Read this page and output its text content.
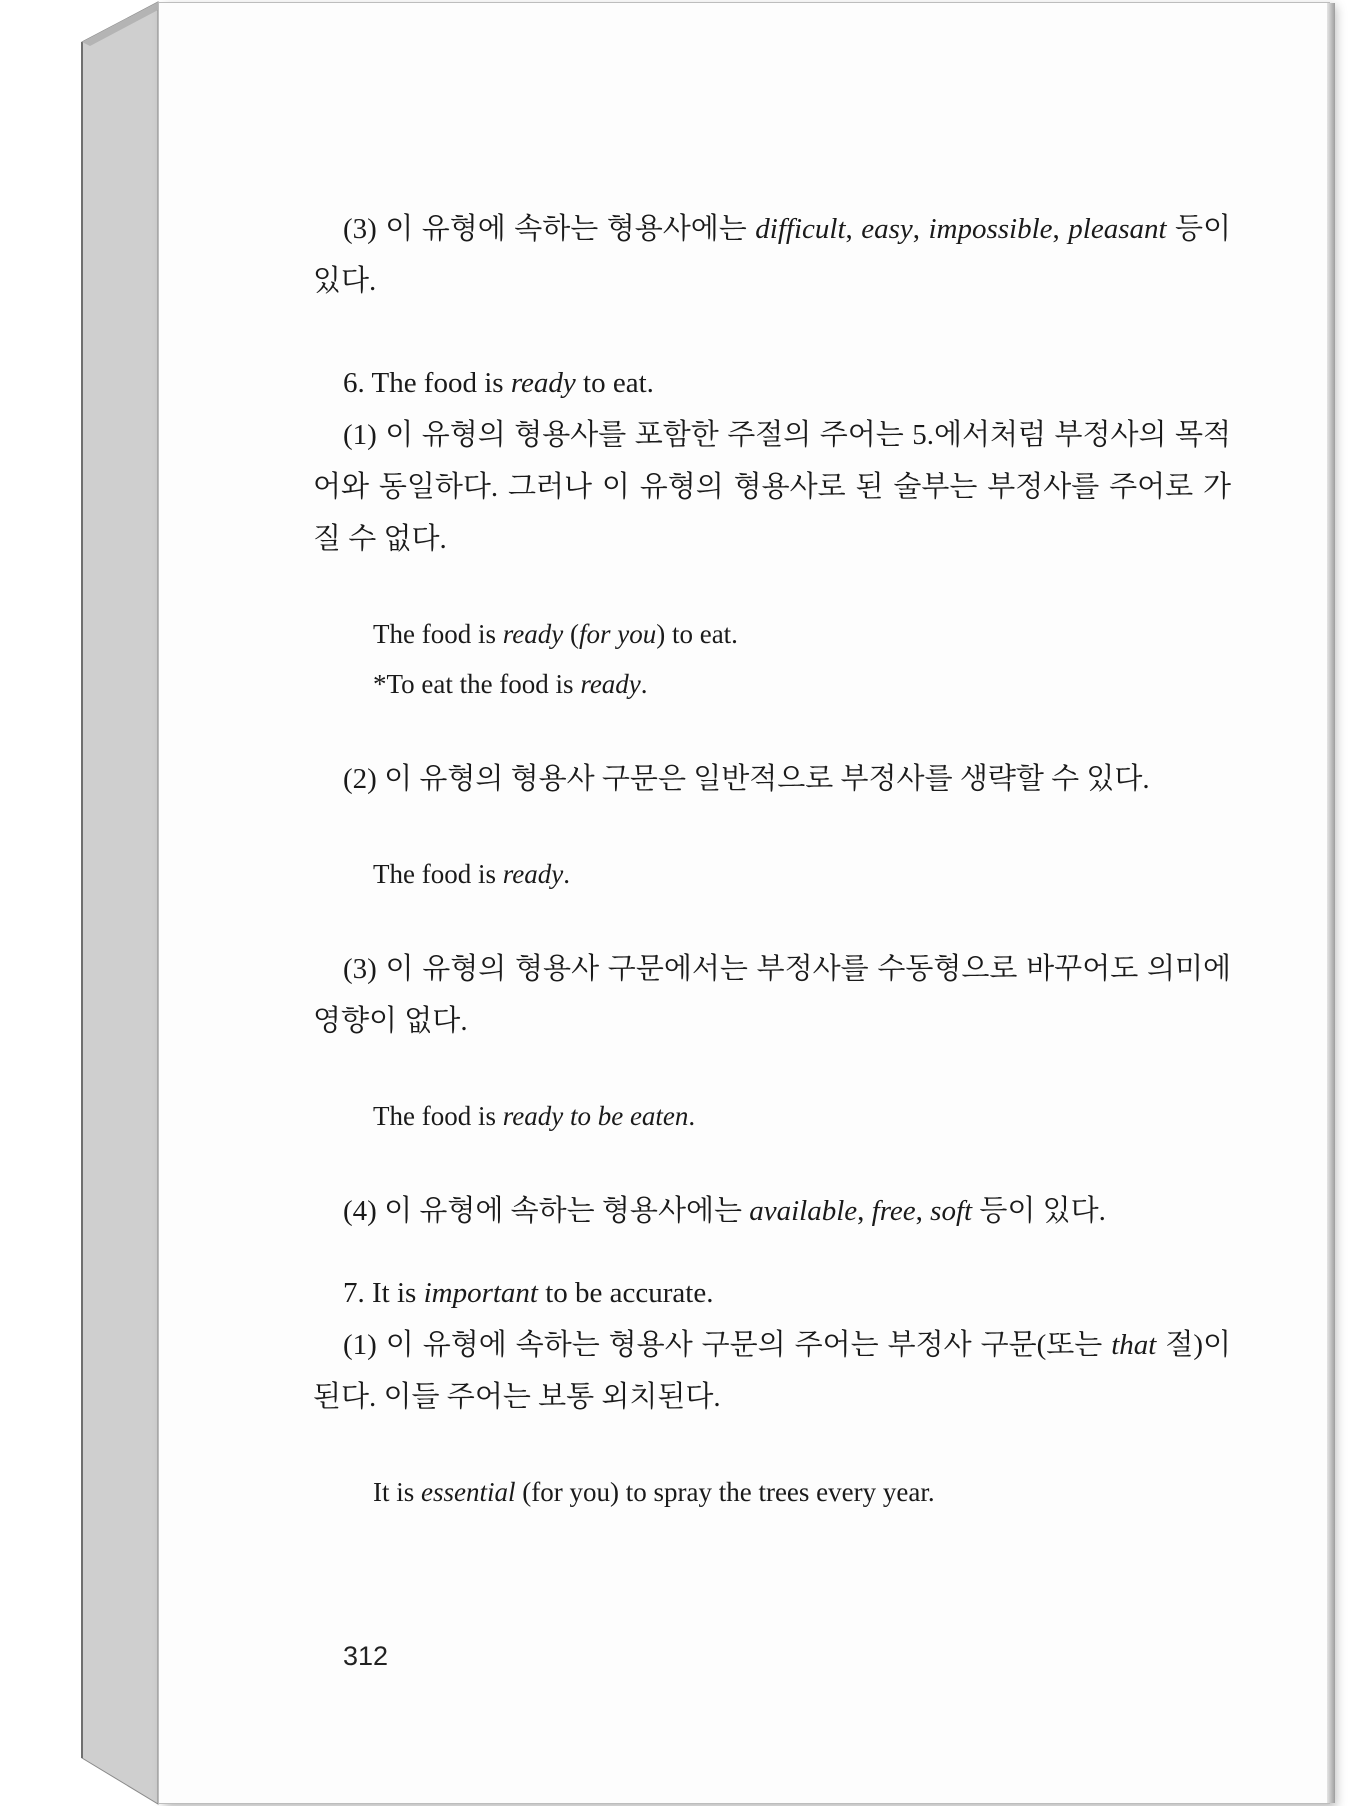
(3) 이 유형에 속하는 형용사에는 difficult, easy, impossible, pleasant 등이 있다.

6. The food is ready to eat.

(1) 이 유형의 형용사를 포함한 주절의 주어는 5.에서처럼 부정사의 목적어와 동일하다. 그러나 이 유형의 형용사로 된 술부는 부정사를 주어로 가질 수 없다.

The food is ready (for you) to eat.

*To eat the food is ready.

(2) 이 유형의 형용사 구문은 일반적으로 부정사를 생략할 수 있다.

The food is ready.

(3) 이 유형의 형용사 구문에서는 부정사를 수동형으로 바꾸어도 의미에 영향이 없다.

The food is ready to be eaten.

(4) 이 유형에 속하는 형용사에는 available, free, soft 등이 있다.

7. It is important to be accurate.

(1) 이 유형에 속하는 형용사 구문의 주어는 부정사 구문(또는 that 절)이 된다. 이들 주어는 보통 외치된다.

It is essential (for you) to spray the trees every year.

312
